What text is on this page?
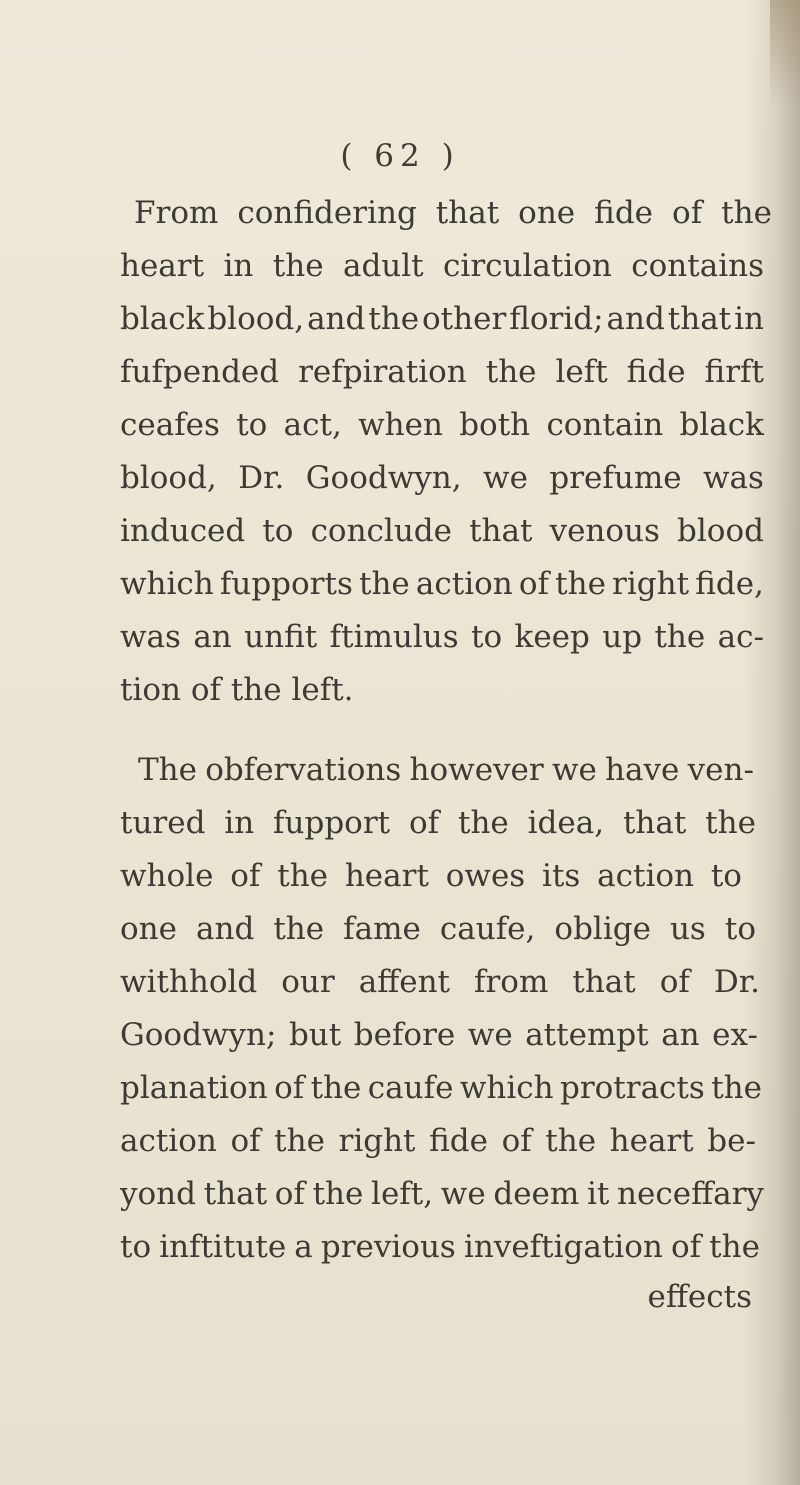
( 62 )
From confidering that one fide of the
heart in the adult circulation contains
black blood, and the other florid; and that in
fufpended refpiration the left fide firft
ceafes to act, when both contain black
blood, Dr. Goodwyn, we prefume was
induced to conclude that venous blood
which fupports the action of the right fide,
was an unfit ftimulus to keep up the ac-
tion of the left.
The obfervations however we have ven-
tured in fupport of the idea, that the
whole of the heart owes its action to
one and the fame caufe, oblige us to
withhold our affent from that of Dr.
Goodwyn; but before we attempt an ex-
planation of the caufe which protracts the
action of the right fide of the heart be-
yond that of the left, we deem it neceffary
to inftitute a previous inveftigation of the
effects
